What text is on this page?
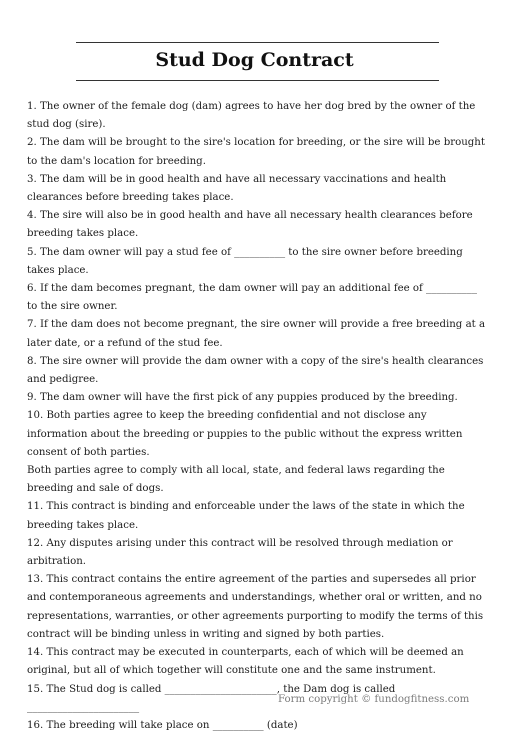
Stud Dog Contract

1. The owner of the female dog (dam) agrees to have her dog bred by the owner of the stud dog (sire).

2. The dam will be brought to the sire's location for breeding, or the sire will be brought to the dam's location for breeding.

3. The dam will be in good health and have all necessary vaccinations and health clearances before breeding takes place.

4. The sire will also be in good health and have all necessary health clearances before breeding takes place.

5. The dam owner will pay a stud fee of __________ to the sire owner before breeding takes place.

6. If the dam becomes pregnant, the dam owner will pay an additional fee of __________ to the sire owner.

7. If the dam does not become pregnant, the sire owner will provide a free breeding at a later date, or a refund of the stud fee.

8. The sire owner will provide the dam owner with a copy of the sire's health clearances and pedigree.

9. The dam owner will have the first pick of any puppies produced by the breeding.

10. Both parties agree to keep the breeding confidential and not disclose any information about the breeding or puppies to the public without the express written consent of both parties.

Both parties agree to comply with all local, state, and federal laws regarding the breeding and sale of dogs.

11. This contract is binding and enforceable under the laws of the state in which the breeding takes place.

12. Any disputes arising under this contract will be resolved through mediation or arbitration.

13. This contract contains the entire agreement of the parties and supersedes all prior and contemporaneous agreements and understandings, whether oral or written, and no representations, warranties, or other agreements purporting to modify the terms of this contract will be binding unless in writing and signed by both parties.

14. This contract may be executed in counterparts, each of which will be deemed an original, but all of which together will constitute one and the same instrument.

15. The Stud dog is called ______________________, the Dam dog is called ______________________

16. The breeding will take place on __________ (date)

Form copyright © fundogfitness.com
